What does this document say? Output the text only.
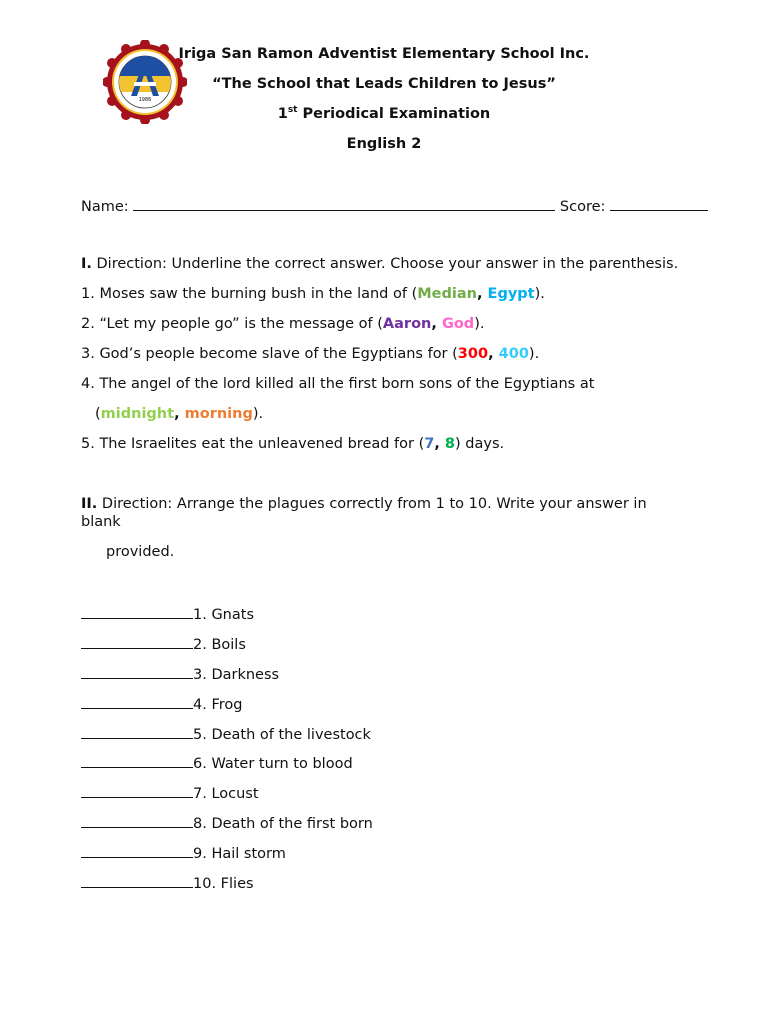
1986
Iriga San Ramon Adventist Elementary School Inc.
“The School that Leads Children to Jesus”
1st Periodical Examination
English 2
Name:	Score:
I. Direction: Underline the correct answer. Choose your answer in the parenthesis.
1. Moses saw the burning bush in the land of (Median, Egypt).
2. “Let my people go” is the message of (Aaron, God).
3. God’s people become slave of the Egyptians for (300, 400).
4. The angel of the lord killed all the first born sons of the Egyptians at
(midnight, morning).
5. The Israelites eat the unleavened bread for (7, 8) days.
II. Direction: Arrange the plagues correctly from 1 to 10. Write your answer in
blank
provided.
1. Gnats
2. Boils
3. Darkness
4. Frog
5. Death of the livestock
6. Water turn to blood
7. Locust
8. Death of the first born
9. Hail storm
10. Flies
